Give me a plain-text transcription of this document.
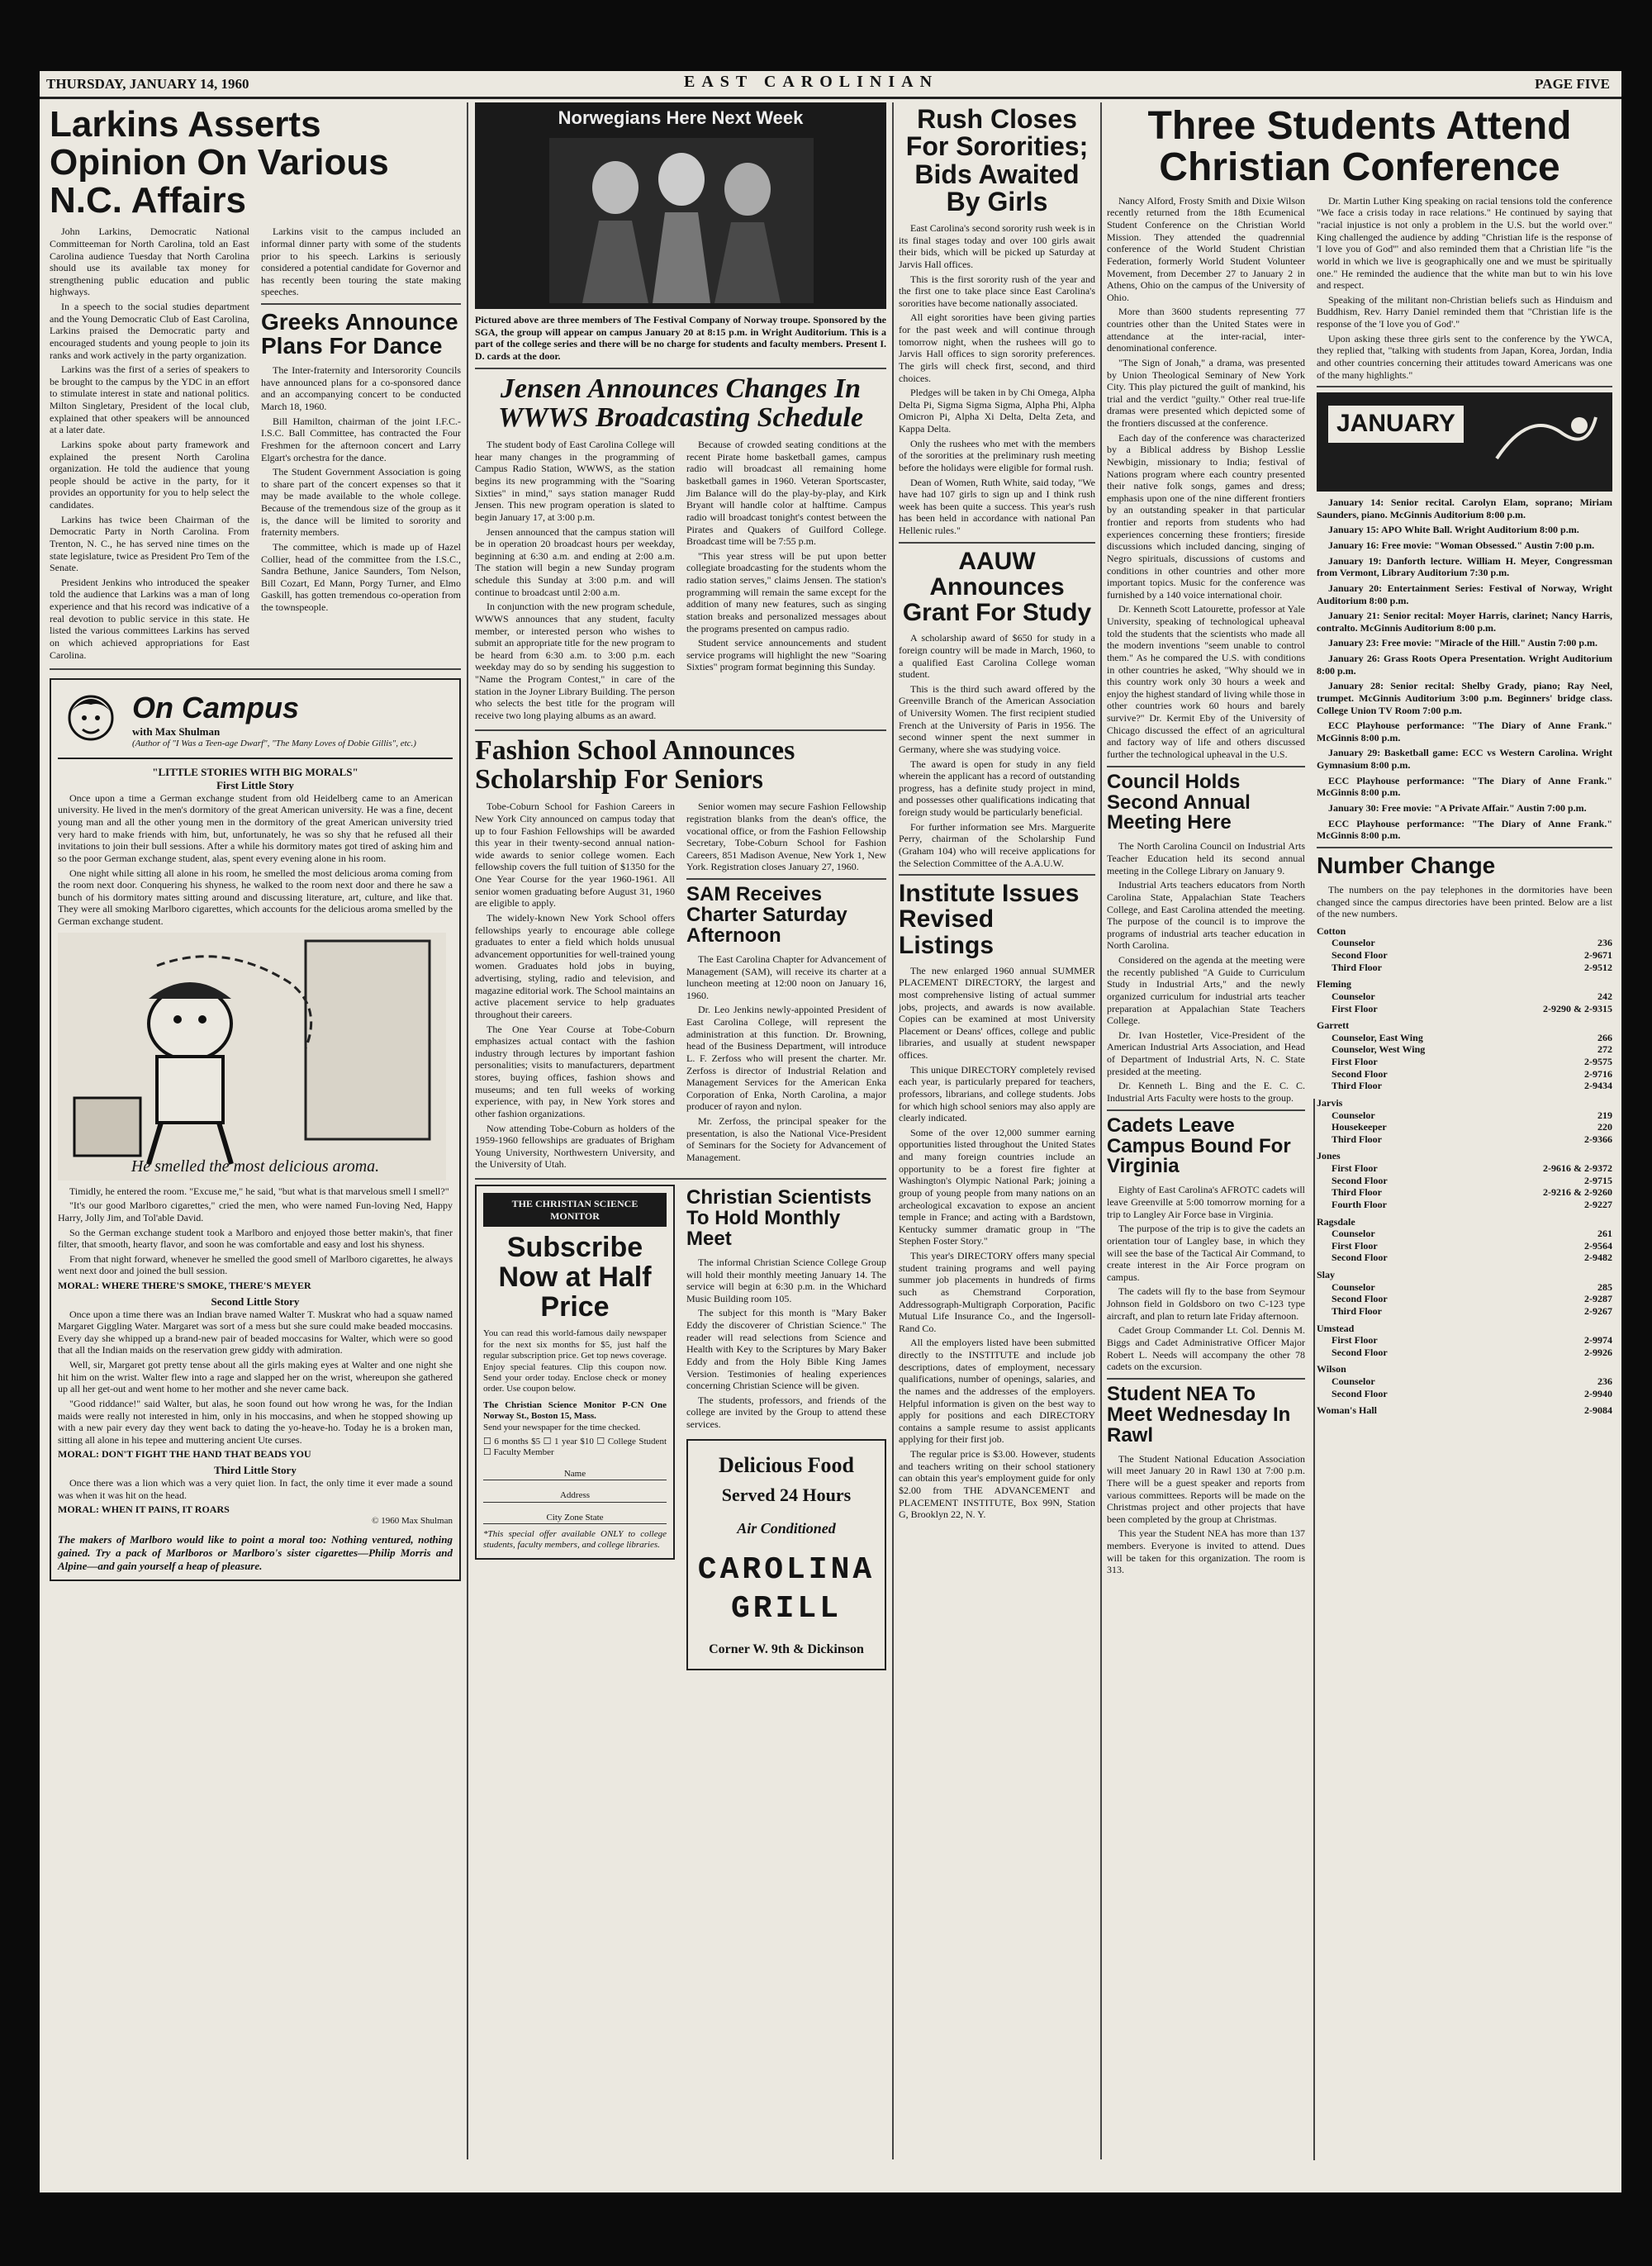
THURSDAY, JANUARY 14, 1960	EAST CAROLINIAN	PAGE FIVE
Larkins Asserts Opinion On Various N.C. Affairs

John Larkins, Democratic National Committeeman for North Carolina, told an East Carolina audience Tuesday that North Carolina should use its available tax money for strengthening public education and public highways.

In a speech to the social studies department and the Young Democratic Club of East Carolina, Larkins praised the Democratic party and encouraged students and young people to join its ranks and work actively in the party organization.

Larkins was the first of a series of speakers to be brought to the campus by the YDC in an effort to stimulate interest in state and national politics. Milton Singletary, President of the local club, explained that other speakers will be announced at a later date.

Larkins spoke about party framework and explained the present North Carolina organization. He told the audience that young people should be active in the party, for it provides an opportunity for you to help select the candidates.

Larkins has twice been Chairman of the Democratic Party in North Carolina. From Trenton, N. C., he has served nine times on the state legislature, twice as President Pro Tem of the Senate.

President Jenkins who introduced the speaker told the audience that Larkins was a man of long experience and that his record was indicative of a real devotion to public service in this state. He listed the various committees Larkins has served on which achieved appropriations for East Carolina.

Larkins visit to the campus included an informal dinner party with some of the students prior to his speech. Larkins is seriously considered a potential candidate for Governor and has recently been touring the state making speeches.

Greeks Announce Plans For Dance

The Inter-fraternity and Intersorority Councils have announced plans for a co-sponsored dance and an accompanying concert to be conducted March 18, 1960.

Bill Hamilton, chairman of the joint I.F.C.-I.S.C. Ball Committee, has contracted the Four Freshmen for the afternoon concert and Larry Elgart's orchestra for the dance.

The Student Government Association is going to share part of the concert expenses so that it may be made available to the whole college. Because of the tremendous size of the group as it is, the dance will be limited to sorority and fraternity members.

The committee, which is made up of Hazel Collier, head of the committee from the I.S.C., Sandra Bethune, Janice Saunders, Tom Nelson, Bill Cozart, Ed Mann, Porgy Turner, and Elmo Gaskill, has gotten tremendous co-operation from the townspeople.

On Campus
with Max Shulman
(Author of "I Was a Teen-age Dwarf", "The Many Loves of Dobie Gillis", etc.)
"LITTLE STORIES WITH BIG MORALS"
First Little Story

Once upon a time a German exchange student from old Heidelberg came to an American university. He lived in the men's dormitory of the great American university. He was a fine, decent young man and all the other young men in the dormitory of the great American university tried very hard to make friends with him, but, unfortunately, he was so shy that he refused all their invitations to join their bull sessions. After a while his dormitory mates got tired of asking him and so the poor German exchange student, alas, spent every evening alone in his room.

One night while sitting all alone in his room, he smelled the most delicious aroma coming from the room next door. Conquering his shyness, he walked to the room next door and there he saw a bunch of his dormitory mates sitting around and discussing literature, art, culture, and like that. They were all smoking Marlboro cigarettes, which accounts for the delicious aroma smelled by the German exchange student.

He smelled the most delicious aroma.

Timidly, he entered the room. "Excuse me," he said, "but what is that marvelous smell I smell?"

"It's our good Marlboro cigarettes," cried the men, who were named Fun-loving Ned, Happy Harry, Jolly Jim, and Tol'able David.

So the German exchange student took a Marlboro and enjoyed those better makin's, that finer filter, that smooth, hearty flavor, and soon he was comfortable and easy and lost his shyness.

From that night forward, whenever he smelled the good smell of Marlboro cigarettes, he always went next door and joined the bull session.

MORAL: WHERE THERE'S SMOKE, THERE'S MEYER
Second Little Story

Once upon a time there was an Indian brave named Walter T. Muskrat who had a squaw named Margaret Giggling Water. Margaret was sort of a mess but she sure could make beaded moccasins. Every day she whipped up a brand-new pair of beaded moccasins for Walter, which were so good that all the Indian maids on the reservation grew giddy with admiration.

Well, sir, Margaret got pretty tense about all the girls making eyes at Walter and one night she hit him on the wrist. Walter flew into a rage and slapped her on the wrist, whereupon she gathered up all her get-out and went home to her mother and she never came back.

"Good riddance!" said Walter, but alas, he soon found out how wrong he was, for the Indian maids were really not interested in him, only in his moccasins, and when he stopped showing up with a new pair every day they went back to dating the yo-heave-ho. Today he is a broken man, sitting all alone in his tepee and muttering ancient Ute curses.

MORAL: DON'T FIGHT THE HAND THAT BEADS YOU
Third Little Story

Once there was a lion which was a very quiet lion. In fact, the only time it ever made a sound was when it was hit on the head.

MORAL: WHEN IT PAINS, IT ROARS
© 1960 Max Shulman
The makers of Marlboro would like to point a moral too: Nothing ventured, nothing gained. Try a pack of Marlboros or Marlboro's sister cigarettes—Philip Morris and Alpine—and gain yourself a heap of pleasure.
Norwegians Here Next Week
Pictured above are three members of The Festival Company of Norway troupe. Sponsored by the SGA, the group will appear on campus January 20 at 8:15 p.m. in Wright Auditorium. This is a part of the college series and there will be no charge for students and faculty members. Present I. D. cards at the door.
Jensen Announces Changes In WWWS Broadcasting Schedule

The student body of East Carolina College will hear many changes in the programming of Campus Radio Station, WWWS, as the station begins its new programming with the "Soaring Sixties" in mind," says station manager Rudd Jensen. This new program operation is slated to begin January 17, at 3:00 p.m.

Jensen announced that the campus station will be in operation 20 broadcast hours per weekday, beginning at 6:30 a.m. and ending at 2:00 a.m. The station will begin a new Sunday program schedule this Sunday at 3:00 p.m. and will continue to broadcast until 2:00 a.m.

In conjunction with the new program schedule, WWWS announces that any student, faculty member, or interested person who wishes to submit an appropriate title for the new program to be heard from 6:30 a.m. to 3:00 p.m. each weekday may do so by sending his suggestion to "Name the Program Contest," in care of the station in the Joyner Library Building. The person who selects the best title for the program will receive two long playing albums as an award.

Because of crowded seating conditions at the recent Pirate home basketball games, campus radio will broadcast all remaining home basketball games in 1960. Veteran Sportscaster, Jim Balance will do the play-by-play, and Kirk Bryant will handle color at halftime. Campus radio will broadcast tonight's contest between the Pirates and Quakers of Guilford College. Broadcast time will be 7:55 p.m.

"This year stress will be put upon better collegiate broadcasting for the students whom the radio station serves," claims Jensen. The station's programming will remain the same except for the addition of many new features, such as singing station breaks and personalized messages about the programs presented on campus radio.

Student service announcements and student service programs will highlight the new "Soaring Sixties" program format beginning this Sunday.

Fashion School Announces Scholarship For Seniors

Tobe-Coburn School for Fashion Careers in New York City announced on campus today that up to four Fashion Fellowships will be awarded this year in their twenty-second annual nation-wide awards to senior college women. Each fellowship covers the full tuition of $1350 for the One Year Course for the year 1960-1961. All senior women graduating before August 31, 1960 are eligible to apply.

The widely-known New York School offers fellowships yearly to encourage able college graduates to enter a field which holds unusual advancement opportunities for well-trained young women. Graduates hold jobs in buying, advertising, styling, radio and television, and magazine editorial work. The School maintains an active placement service to help graduates throughout their careers.

The One Year Course at Tobe-Coburn emphasizes actual contact with the fashion industry through lectures by important fashion personalities; visits to manufacturers, department stores, buying offices, fashion shows and museums; and ten full weeks of working experience, with pay, in New York stores and other fashion organizations.

Now attending Tobe-Coburn as holders of the 1959-1960 fellowships are graduates of Brigham Young University, Northwestern University, and the University of Utah.

Senior women may secure Fashion Fellowship registration blanks from the dean's office, the vocational office, or from the Fashion Fellowship Secretary, Tobe-Coburn School for Fashion Careers, 851 Madison Avenue, New York 1, New York. Registration closes January 27, 1960.

SAM Receives Charter Saturday Afternoon

The East Carolina Chapter for Advancement of Management (SAM), will receive its charter at a luncheon meeting at 12:00 noon on January 16, 1960.

Dr. Leo Jenkins newly-appointed President of East Carolina College, will represent the administration at this function. Dr. Browning, head of the Business Department, will introduce L. F. Zerfoss who will present the charter. Mr. Zerfoss is director of Industrial Relation and Management Services for the American Enka Corporation of Enka, North Carolina, a major producer of rayon and nylon.

Mr. Zerfoss, the principal speaker for the presentation, is also the National Vice-President of Seminars for the Society for Advancement of Management.

THE CHRISTIAN SCIENCE MONITOR
Subscribe Now at Half Price
You can read this world-famous daily newspaper for the next six months for $5, just half the regular subscription price. Get top news coverage. Enjoy special features. Clip this coupon now. Send your order today. Enclose check or money order. Use coupon below.
The Christian Science Monitor P-CN One Norway St., Boston 15, Mass.
Send your newspaper for the time checked.
☐ 6 months $5 ☐ 1 year $10 ☐ College Student ☐ Faculty Member
Name
Address
City Zone State
*This special offer available ONLY to college students, faculty members, and college libraries.
Christian Scientists To Hold Monthly Meet

The informal Christian Science College Group will hold their monthly meeting January 14. The service will begin at 6:30 p.m. in the Whichard Music Building room 105.

The subject for this month is "Mary Baker Eddy the discoverer of Christian Science." The reader will read selections from Science and Health with Key to the Scriptures by Mary Baker Eddy and from the Holy Bible King James Version. Testimonies of healing experiences concerning Christian Science will be given.

The students, professors, and friends of the college are invited by the Group to attend these services.

Delicious Food
Served 24 Hours
Air Conditioned
CAROLINA
GRILL
Corner W. 9th & Dickinson
Rush Closes For Sororities; Bids Awaited By Girls

East Carolina's second sorority rush week is in its final stages today and over 100 girls await their bids, which will be picked up Saturday at Jarvis Hall offices.

This is the first sorority rush of the year and the first one to take place since East Carolina's sororities have become nationally associated.

All eight sororities have been giving parties for the past week and will continue through tomorrow night, when the rushees will go to Jarvis Hall offices to sign sorority preferences. The girls will check first, second, and third choices.

Pledges will be taken in by Chi Omega, Alpha Delta Pi, Sigma Sigma Sigma, Alpha Phi, Alpha Omicron Pi, Alpha Xi Delta, Delta Zeta, and Kappa Delta.

Only the rushees who met with the members of the sororities at the preliminary rush meeting before the holidays were eligible for formal rush.

Dean of Women, Ruth White, said today, "We have had 107 girls to sign up and I think rush week has been quite a success. This year's rush has been held in accordance with national Pan Hellenic rules."

AAUW Announces Grant For Study

A scholarship award of $650 for study in a foreign country will be made in March, 1960, to a qualified East Carolina College woman student.

This is the third such award offered by the Greenville Branch of the American Association of University Women. The first recipient studied French at the University of Paris in 1956. The second winner spent the next summer in Germany, where she was studying voice.

The award is open for study in any field wherein the applicant has a record of outstanding progress, has a definite study project in mind, and possesses other qualifications indicating that foreign study would be particularly beneficial.

For further information see Mrs. Marguerite Perry, chairman of the Scholarship Fund (Graham 104) who will receive applications for the Selection Committee of the A.A.U.W.

Institute Issues Revised Listings

The new enlarged 1960 annual SUMMER PLACEMENT DIRECTORY, the largest and most comprehensive listing of actual summer jobs, projects, and awards is now available. Copies can be examined at most University Placement or Deans' offices, college and public libraries, and usually at student newspaper offices.

This unique DIRECTORY completely revised each year, is particularly prepared for teachers, professors, librarians, and college students. Jobs for which high school seniors may also apply are clearly indicated.

Some of the over 12,000 summer earning opportunities listed throughout the United States and many foreign countries include an opportunity to be a forest fire fighter at Washington's Olympic National Park; joining a group of young people from many nations on an archeological excavation to expose an ancient temple in France; and acting with a Bardstown, Kentucky summer dramatic group in "The Stephen Foster Story."

This year's DIRECTORY offers many special student training programs and well paying summer job placements in hundreds of firms such as Chemstrand Corporation, Addressograph-Multigraph Corporation, Pacific Mutual Life Insurance Co., and the Ingersoll-Rand Co.

All the employers listed have been submitted directly to the INSTITUTE and include job descriptions, dates of employment, necessary qualifications, number of openings, salaries, and the names and the addresses of the employers. Helpful information is given on the best way to apply for positions and each DIRECTORY contains a sample resume to assist applicants applying for their first job.

The regular price is $3.00. However, students and teachers writing on their school stationery can obtain this year's employment guide for only $2.00 from THE ADVANCEMENT and PLACEMENT INSTITUTE, Box 99N, Station G, Brooklyn 22, N. Y.

Three Students Attend Christian Conference

Nancy Alford, Frosty Smith and Dixie Wilson recently returned from the 18th Ecumenical Student Conference on the Christian World Mission. They attended the quadrennial conference of the World Student Christian Federation, formerly World Student Volunteer Movement, from December 27 to January 2 in Athens, Ohio on the campus of the University of Ohio.

More than 3600 students representing 77 countries other than the United States were in attendance at the inter-racial, inter-denominational conference.

"The Sign of Jonah," a drama, was presented by Union Theological Seminary of New York City. This play pictured the guilt of mankind, his trial and the verdict "guilty." Other real true-life dramas were presented which depicted some of the frontiers discussed at the conference.

Each day of the conference was characterized by a Biblical address by Bishop Lesslie Newbigin, missionary to India; festival of Nations program where each country presented their native folk songs, games and dress; emphasis upon one of the nine different frontiers by an outstanding speaker in that particular frontier and reports from students who had experiences concerning these frontiers; fireside discussions which included dancing, singing of Negro spirituals, discussions of customs and conditions in other countries and other more important topics. Music for the conference was furnished by a 140 voice international choir.

Dr. Kenneth Scott Latourette, professor at Yale University, speaking of technological upheaval told the students that the scientists who made all the modern inventions "seem unable to control them." As he compared the U.S. with conditions in other countries he asked, "Why should we in this country work only 30 hours a week and enjoy the highest standard of living while those in other countries work 60 hours and barely survive?" Dr. Kermit Eby of the University of Chicago discussed the effect of an agricultural and factory way of life and others discussed further the technological upheaval in the U.S.

Council Holds Second Annual Meeting Here

The North Carolina Council on Industrial Arts Teacher Education held its second annual meeting in the College Library on January 9.

Industrial Arts teachers educators from North Carolina State, Appalachian State Teachers College, and East Carolina attended the meeting. The purpose of the council is to improve the programs of industrial arts teacher education in North Carolina.

Considered on the agenda at the meeting were the recently published "A Guide to Curriculum Study in Industrial Arts," and the newly organized curriculum for industrial arts teacher preparation at Appalachian State Teachers College.

Dr. Ivan Hostetler, Vice-President of the American Industrial Arts Association, and Head of Department of Industrial Arts, N. C. State presided at the meeting.

Dr. Kenneth L. Bing and the E. C. C. Industrial Arts Faculty were hosts to the group.

Cadets Leave Campus Bound For Virginia

Eighty of East Carolina's AFROTC cadets will leave Greenville at 5:00 tomorrow morning for a trip to Langley Air Force base in Virginia.

The purpose of the trip is to give the cadets an orientation tour of Langley base, in which they will see the base of the Tactical Air Command, to create interest in the Air Force program on campus.

The cadets will fly to the base from Seymour Johnson field in Goldsboro on two C-123 type aircraft, and plan to return late Friday afternoon.

Cadet Group Commander Lt. Col. Dennis M. Biggs and Cadet Administrative Officer Major Robert L. Needs will accompany the other 78 cadets on the excursion.

Student NEA To Meet Wednesday In Rawl

The Student National Education Association will meet January 20 in Rawl 130 at 7:00 p.m. There will be a guest speaker and reports from various committees. Reports will be made on the Christmas project and other projects that have been completed by the group at Christmas.

This year the Student NEA has more than 137 members. Everyone is invited to attend. Dues will be taken for this organization. The room is 313.

Dr. Martin Luther King speaking on racial tensions told the conference "We face a crisis today in race relations." He continued by saying that "racial injustice is not only a problem in the U.S. but the world over." King challenged the audience by adding "Christian life is the response of 'I love you of God'" and also reminded them that a Christian life "is the world in which we live is geographically one and we must be spiritually one." He reminded the audience that the white man but to win his love and respect.

Speaking of the militant non-Christian beliefs such as Hinduism and Buddhism, Rev. Harry Daniel reminded them that "Christian life is the response of the 'I love you of God'."

Upon asking these three girls sent to the conference by the YWCA, they replied that, "talking with students from Japan, Korea, Jordan, India and other countries concerning their attitudes toward Americans was one of the many highlights."

JANUARY

January 14: Senior recital. Carolyn Elam, soprano; Miriam Saunders, piano. McGinnis Auditorium 8:00 p.m.

January 15: APO White Ball. Wright Auditorium 8:00 p.m.

January 16: Free movie: "Woman Obsessed." Austin 7:00 p.m.

January 19: Danforth lecture. William H. Meyer, Congressman from Vermont, Library Auditorium 7:30 p.m.

January 20: Entertainment Series: Festival of Norway, Wright Auditorium 8:00 p.m.

January 21: Senior recital: Moyer Harris, clarinet; Nancy Harris, contralto. McGinnis Auditorium 8:00 p.m.

January 23: Free movie: "Miracle of the Hill." Austin 7:00 p.m.

January 26: Grass Roots Opera Presentation. Wright Auditorium 8:00 p.m.

January 28: Senior recital: Shelby Grady, piano; Ray Neel, trumpet. McGinnis Auditorium 3:00 p.m. Beginners' bridge class. College Union TV Room 7:00 p.m.

ECC Playhouse performance: "The Diary of Anne Frank." McGinnis 8:00 p.m.

January 29: Basketball game: ECC vs Western Carolina. Wright Gymnasium 8:00 p.m.

ECC Playhouse performance: "The Diary of Anne Frank." McGinnis 8:00 p.m.

January 30: Free movie: "A Private Affair." Austin 7:00 p.m.

ECC Playhouse performance: "The Diary of Anne Frank." McGinnis 8:00 p.m.

Number Change

The numbers on the pay telephones in the dormitories have been changed since the campus directories have been printed. Below are a list of the new numbers.

Cotton
Counselor	236
Second Floor	2-9671
Third Floor	2-9512
Fleming
Counselor	242
First Floor	2-9290 & 2-9315
Garrett
Counselor, East Wing	266
Counselor, West Wing	272
First Floor	2-9575
Second Floor	2-9716
Third Floor	2-9434
Jarvis
Counselor	219
Housekeeper	220
Third Floor	2-9366
Jones
First Floor	2-9616 & 2-9372
Second Floor	2-9715
Third Floor	2-9216 & 2-9260
Fourth Floor	2-9227
Ragsdale
Counselor	261
First Floor	2-9564
Second Floor	2-9482
Slay
Counselor	285
Second Floor	2-9287
Third Floor	2-9267
Umstead
First Floor	2-9974
Second Floor	2-9926
Wilson
Counselor	236
Second Floor	2-9940
Woman's Hall	2-9084
